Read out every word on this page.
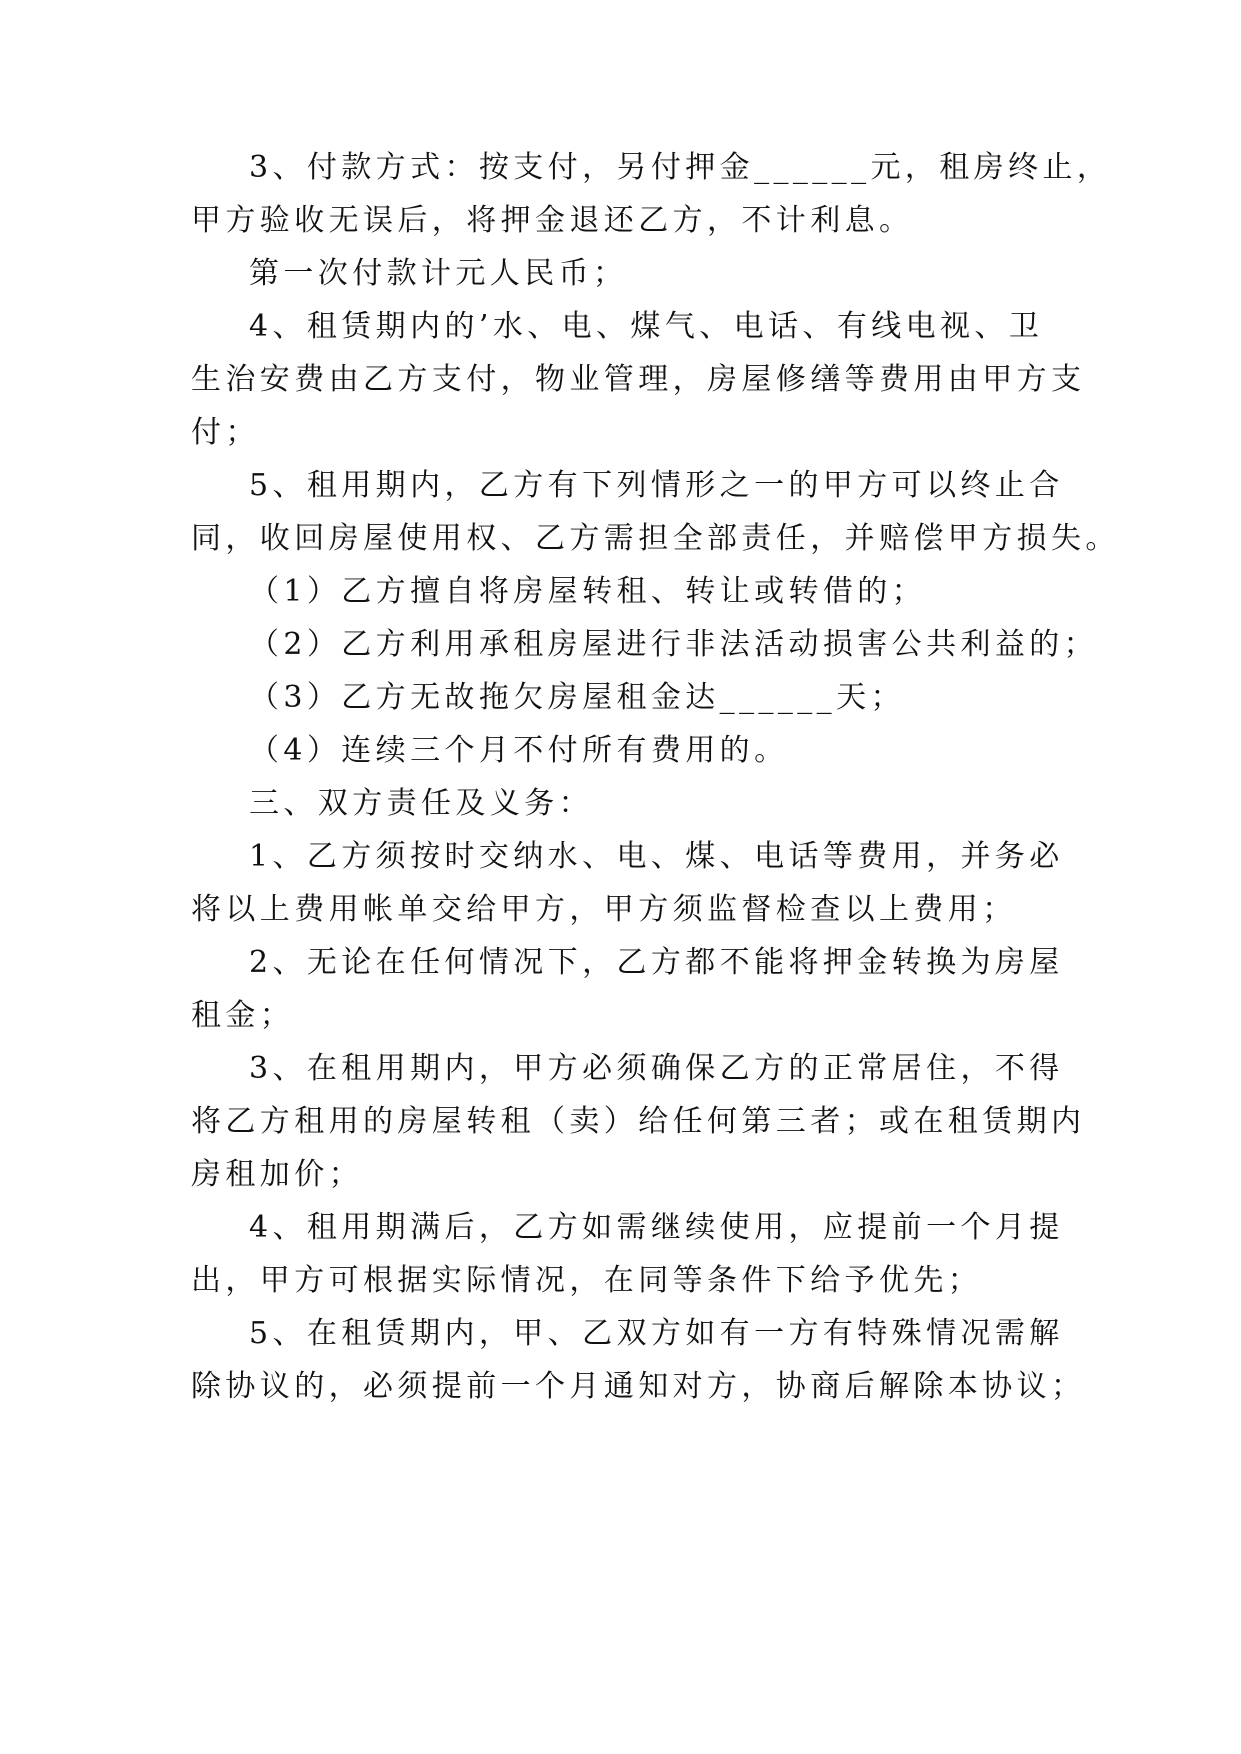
3、付款方式：按支付，另付押金______元，租房终止，

甲方验收无误后，将押金退还乙方，不计利息。

第一次付款计元人民币；

4、租赁期内的’水、电、煤气、电话、有线电视、卫

生治安费由乙方支付，物业管理，房屋修缮等费用由甲方支

付；

5、租用期内，乙方有下列情形之一的甲方可以终止合

同，收回房屋使用权、乙方需担全部责任，并赔偿甲方损失。

（1）乙方擅自将房屋转租、转让或转借的；

（2）乙方利用承租房屋进行非法活动损害公共利益的；

（3）乙方无故拖欠房屋租金达______天；

（4）连续三个月不付所有费用的。

三、双方责任及义务：

1、乙方须按时交纳水、电、煤、电话等费用，并务必

将以上费用帐单交给甲方，甲方须监督检查以上费用；

2、无论在任何情况下，乙方都不能将押金转换为房屋

租金；

3、在租用期内，甲方必须确保乙方的正常居住，不得

将乙方租用的房屋转租（卖）给任何第三者；或在租赁期内

房租加价；

4、租用期满后，乙方如需继续使用，应提前一个月提

出，甲方可根据实际情况，在同等条件下给予优先；

5、在租赁期内，甲、乙双方如有一方有特殊情况需解

除协议的，必须提前一个月通知对方，协商后解除本协议；
